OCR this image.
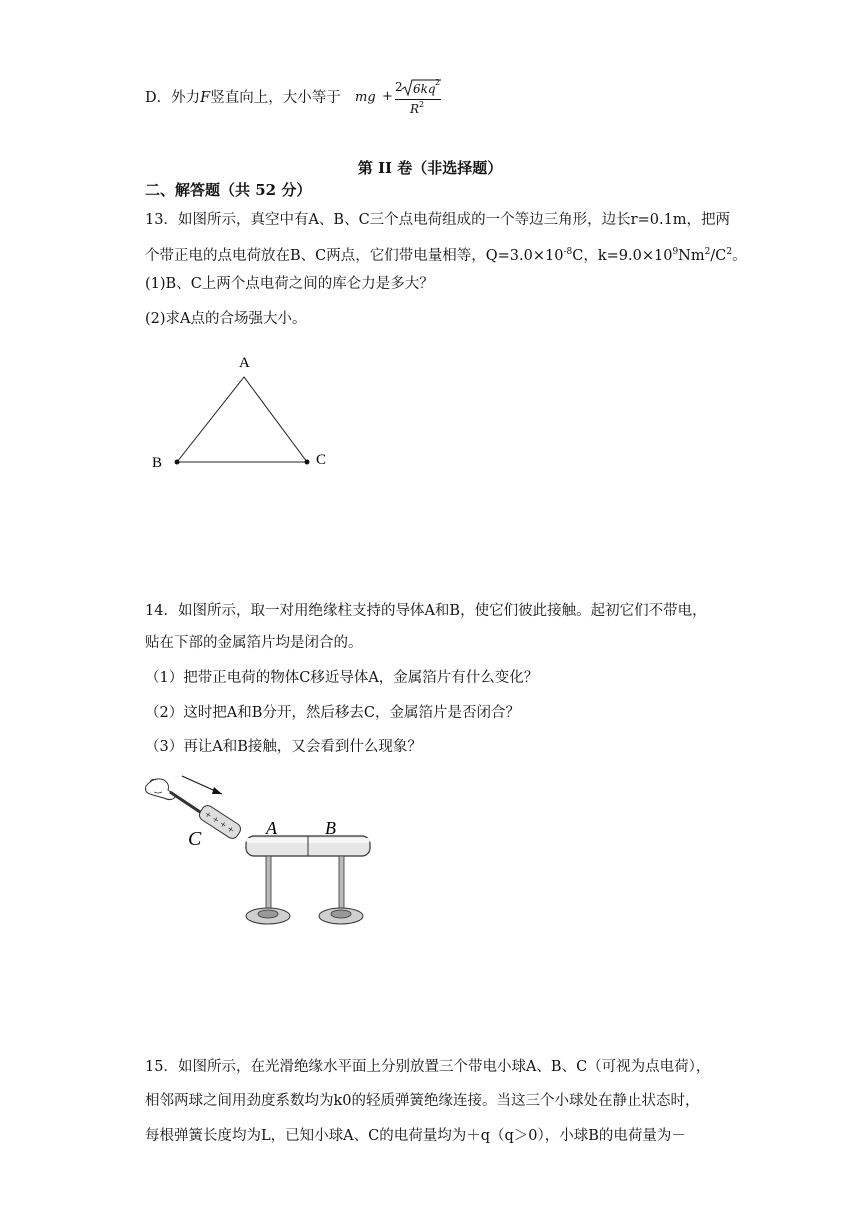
D．外力F竖直向上，大小等于 mg +
2 6kq 2
R 2
第 II 卷（非选择题）
二、解答题（共 52 分）
13．如图所示，真空中有A、B、C三个点电荷组成的一个等边三角形，边长r=0.1m，把两
个带正电的点电荷放在B、C两点，它们带电量相等，$Q=3.0\times 10^{-8}C$，$k=9.0\times 10^9Nm^2/C^2$。
(1)B、C上两个点电荷之间的库仑力是多大？
(2)求A点的合场强大小。
A
B	C
14．如图所示，取一对用绝缘柱支持的导体A和B，使它们彼此接触。起初它们不带电，
贴在下部的金属箔片均是闭合的。
（1）把带正电荷的物体C移近导体A，金属箔片有什么变化？
（2）这时把A和B分开，然后移去C，金属箔片是否闭合？
（3）再让A和B接触，又会看到什么现象？
+ + + +
C	A	B
15．如图所示，在光滑绝缘水平面上分别放置三个带电小球A、B、C（可视为点电荷），
相邻两球之间用劲度系数均为k0的轻质弹簧绝缘连接。当这三个小球处在静止状态时，
每根弹簧长度均为L，已知小球A、C的电荷量均为＋q（q＞0），小球B的电荷量为－
